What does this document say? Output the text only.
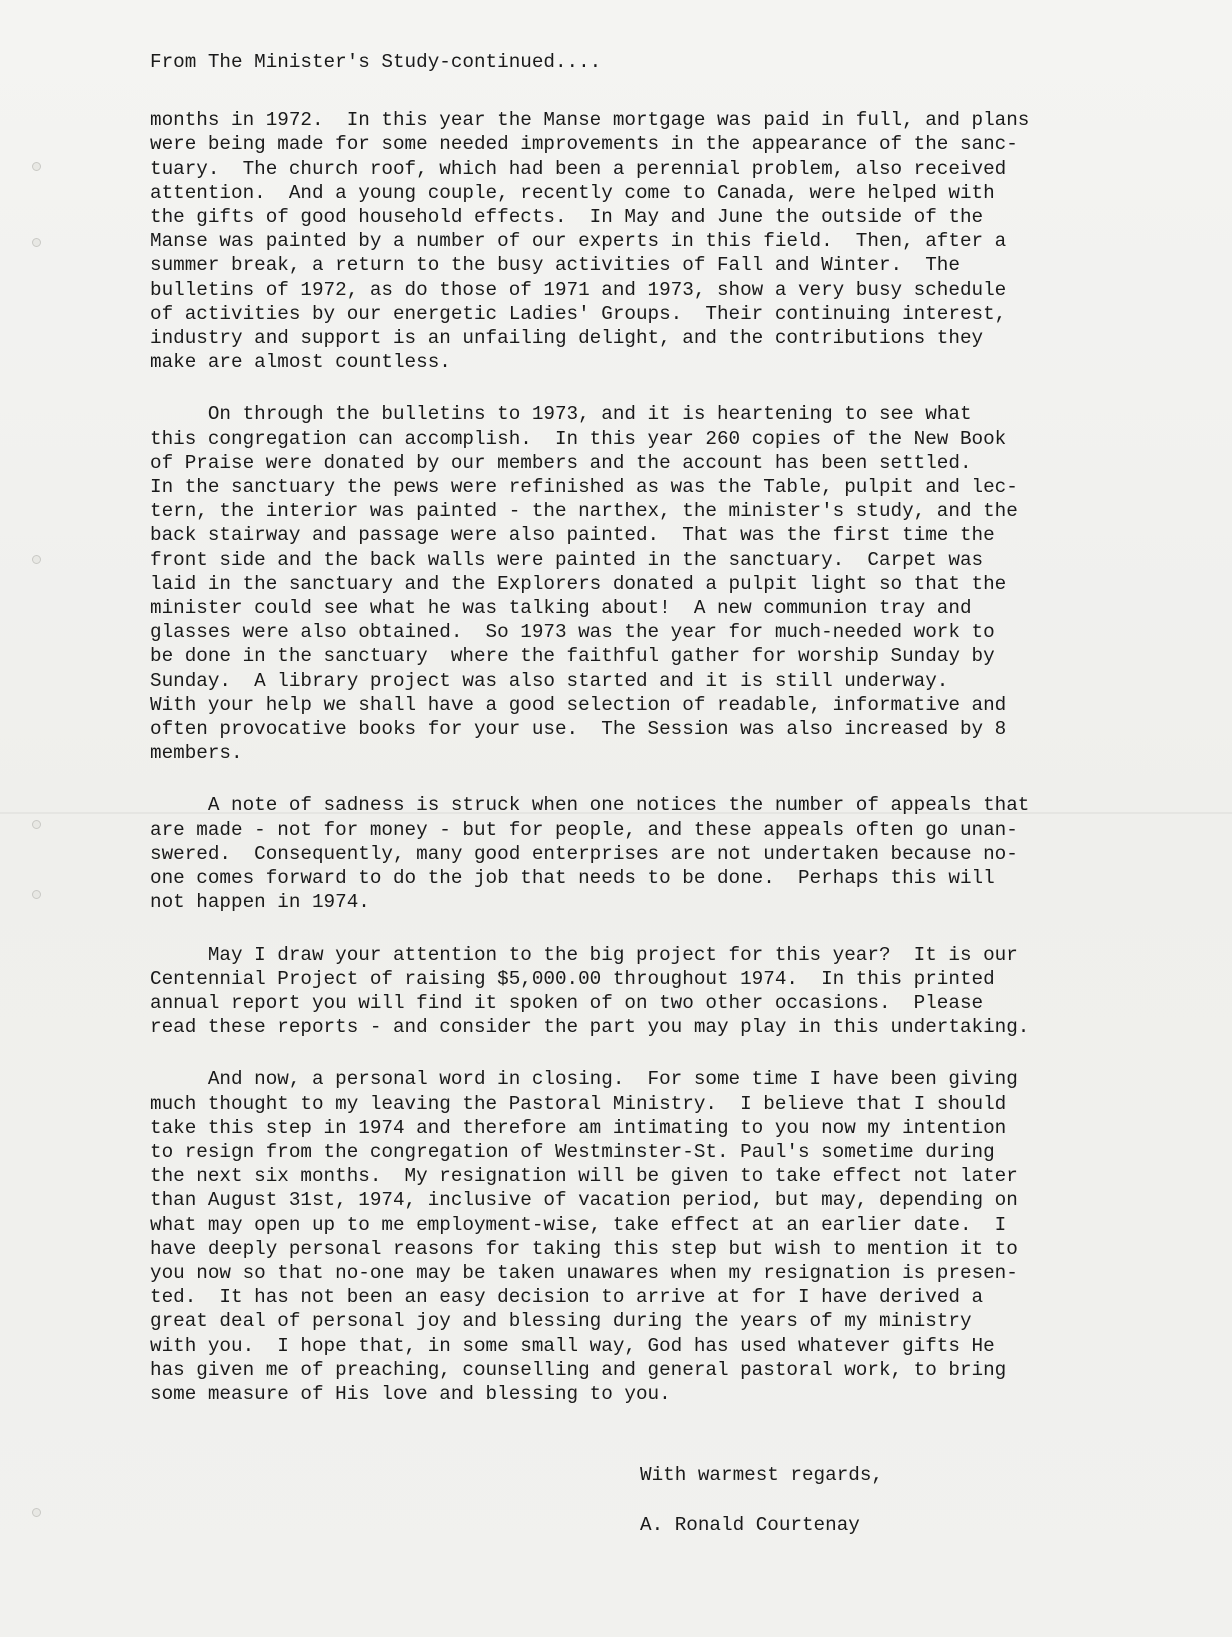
From The Minister's Study-continued....
months in 1972.  In this year the Manse mortgage was paid in full, and plans
were being made for some needed improvements in the appearance of the sanc-
tuary.  The church roof, which had been a perennial problem, also received
attention.  And a young couple, recently come to Canada, were helped with
the gifts of good household effects.  In May and June the outside of the
Manse was painted by a number of our experts in this field.  Then, after a
summer break, a return to the busy activities of Fall and Winter.  The
bulletins of 1972, as do those of 1971 and 1973, show a very busy schedule
of activities by our energetic Ladies' Groups.  Their continuing interest,
industry and support is an unfailing delight, and the contributions they
make are almost countless.
On through the bulletins to 1973, and it is heartening to see what
this congregation can accomplish.  In this year 260 copies of the New Book
of Praise were donated by our members and the account has been settled.
In the sanctuary the pews were refinished as was the Table, pulpit and lec-
tern, the interior was painted - the narthex, the minister's study, and the
back stairway and passage were also painted.  That was the first time the
front side and the back walls were painted in the sanctuary.  Carpet was
laid in the sanctuary and the Explorers donated a pulpit light so that the
minister could see what he was talking about!  A new communion tray and
glasses were also obtained.  So 1973 was the year for much-needed work to
be done in the sanctuary  where the faithful gather for worship Sunday by
Sunday.  A library project was also started and it is still underway.
With your help we shall have a good selection of readable, informative and
often provocative books for your use.  The Session was also increased by 8
members.
A note of sadness is struck when one notices the number of appeals that
are made - not for money - but for people, and these appeals often go unan-
swered.  Consequently, many good enterprises are not undertaken because no-
one comes forward to do the job that needs to be done.  Perhaps this will
not happen in 1974.
May I draw your attention to the big project for this year?  It is our
Centennial Project of raising $5,000.00 throughout 1974.  In this printed
annual report you will find it spoken of on two other occasions.  Please
read these reports - and consider the part you may play in this undertaking.
And now, a personal word in closing.  For some time I have been giving
much thought to my leaving the Pastoral Ministry.  I believe that I should
take this step in 1974 and therefore am intimating to you now my intention
to resign from the congregation of Westminster-St. Paul's sometime during
the next six months.  My resignation will be given to take effect not later
than August 31st, 1974, inclusive of vacation period, but may, depending on
what may open up to me employment-wise, take effect at an earlier date.  I
have deeply personal reasons for taking this step but wish to mention it to
you now so that no-one may be taken unawares when my resignation is presen-
ted.  It has not been an easy decision to arrive at for I have derived a
great deal of personal joy and blessing during the years of my ministry
with you.  I hope that, in some small way, God has used whatever gifts He
has given me of preaching, counselling and general pastoral work, to bring
some measure of His love and blessing to you.
With warmest regards,
A. Ronald Courtenay
